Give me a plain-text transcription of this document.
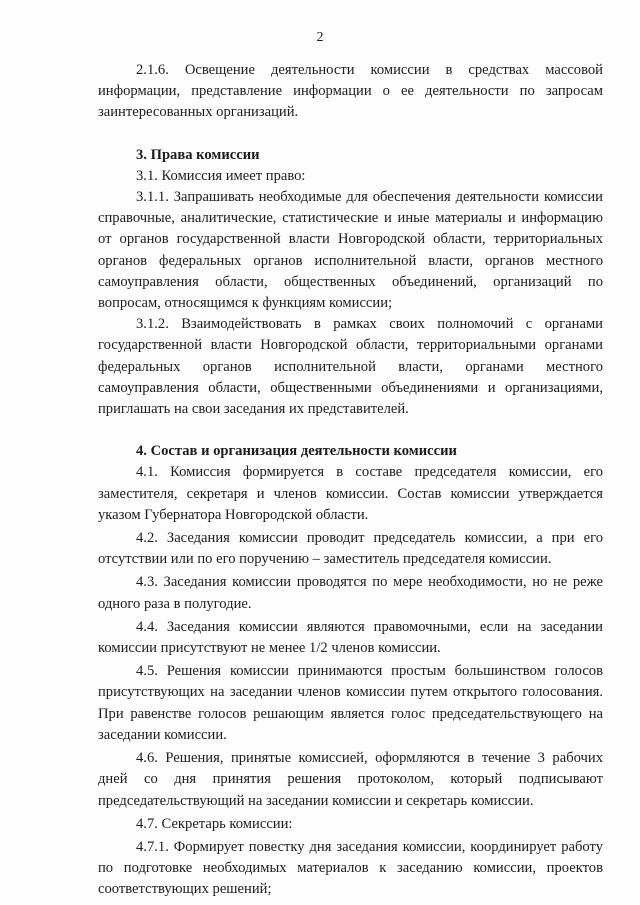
2

2.1.6. Освещение деятельности комиссии в средствах массовой информации, представление информации о ее деятельности по запросам заинтересованных организаций.

3. Права комиссии

3.1. Комиссия имеет право:

3.1.1. Запрашивать необходимые для обеспечения деятельности комиссии справочные, аналитические, статистические и иные материалы и информацию от органов государственной власти Новгородской области, территориальных органов федеральных органов исполнительной власти, органов местного самоуправления области, общественных объединений, организаций по вопросам, относящимся к функциям комиссии;

3.1.2. Взаимодействовать в рамках своих полномочий с органами государственной власти Новгородской области, территориальными органами федеральных органов исполнительной власти, органами местного самоуправления области, общественными объединениями и организациями, приглашать на свои заседания их представителей.

4. Состав и организация деятельности комиссии

4.1. Комиссия формируется в составе председателя комиссии, его заместителя, секретаря и членов комиссии. Состав комиссии утверждается указом Губернатора Новгородской области.

4.2. Заседания комиссии проводит председатель комиссии, а при его отсутствии или по его поручению – заместитель председателя комиссии.

4.3. Заседания комиссии проводятся по мере необходимости, но не реже одного раза в полугодие.

4.4. Заседания комиссии являются правомочными, если на заседании комиссии присутствуют не менее 1/2 членов комиссии.

4.5. Решения комиссии принимаются простым большинством голосов присутствующих на заседании членов комиссии путем открытого голосования. При равенстве голосов решающим является голос председательствующего на заседании комиссии.

4.6. Решения, принятые комиссией, оформляются в течение 3 рабочих дней со дня принятия решения протоколом, который подписывают председательствующий на заседании комиссии и секретарь комиссии.

4.7. Секретарь комиссии:

4.7.1. Формирует повестку дня заседания комиссии, координирует работу по подготовке необходимых материалов к заседанию комиссии, проектов соответствующих решений;
